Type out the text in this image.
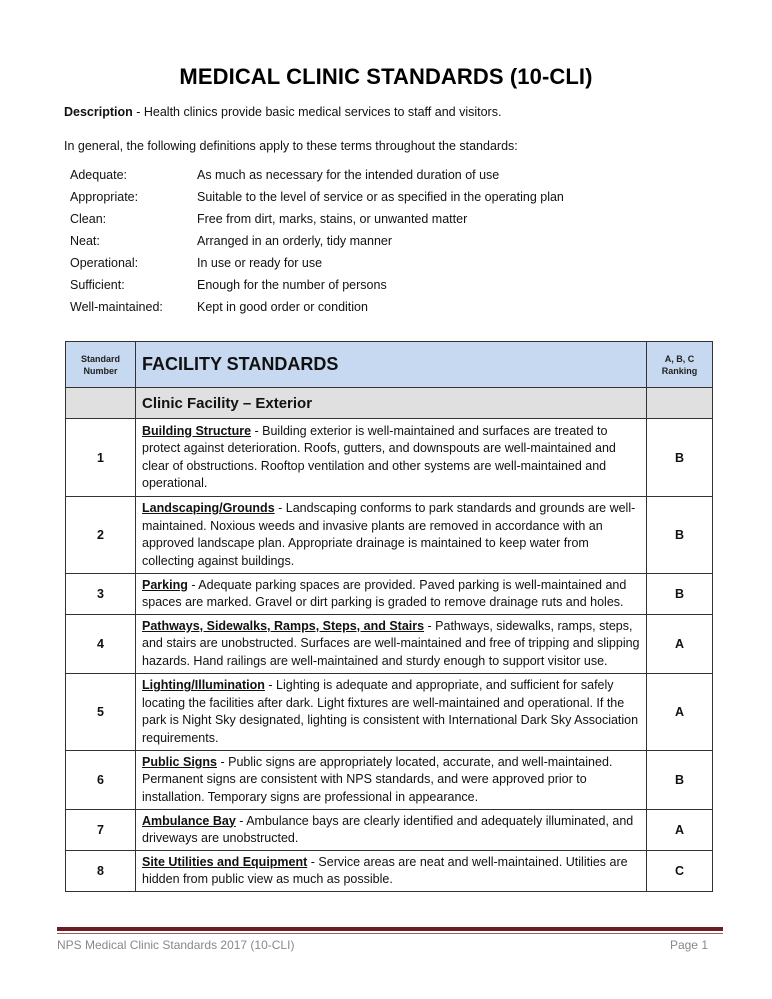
MEDICAL CLINIC STANDARDS (10-CLI)
Description - Health clinics provide basic medical services to staff and visitors.
In general, the following definitions apply to these terms throughout the standards:
Adequate:	As much as necessary for the intended duration of use
Appropriate:	Suitable to the level of service or as specified in the operating plan
Clean:	Free from dirt, marks, stains, or unwanted matter
Neat:	Arranged in an orderly, tidy manner
Operational:	In use or ready for use
Sufficient:	Enough for the number of persons
Well-maintained:	Kept in good order or condition
Standard Number	FACILITY STANDARDS	A, B, C Ranking
	Clinic Facility – Exterior	
1	Building Structure - Building exterior is well-maintained and surfaces are treated to protect against deterioration. Roofs, gutters, and downspouts are well-maintained and clear of obstructions. Rooftop ventilation and other systems are well-maintained and operational.	B
2	Landscaping/Grounds - Landscaping conforms to park standards and grounds are well-maintained. Noxious weeds and invasive plants are removed in accordance with an approved landscape plan. Appropriate drainage is maintained to keep water from collecting against buildings.	B
3	Parking - Adequate parking spaces are provided. Paved parking is well-maintained and spaces are marked. Gravel or dirt parking is graded to remove drainage ruts and holes.	B
4	Pathways, Sidewalks, Ramps, Steps, and Stairs - Pathways, sidewalks, ramps, steps, and stairs are unobstructed. Surfaces are well-maintained and free of tripping and slipping hazards. Hand railings are well-maintained and sturdy enough to support visitor use.	A
5	Lighting/Illumination - Lighting is adequate and appropriate, and sufficient for safely locating the facilities after dark. Light fixtures are well-maintained and operational. If the park is Night Sky designated, lighting is consistent with International Dark Sky Association requirements.	A
6	Public Signs - Public signs are appropriately located, accurate, and well-maintained. Permanent signs are consistent with NPS standards, and were approved prior to installation. Temporary signs are professional in appearance.	B
7	Ambulance Bay - Ambulance bays are clearly identified and adequately illuminated, and driveways are unobstructed.	A
8	Site Utilities and Equipment - Service areas are neat and well-maintained. Utilities are hidden from public view as much as possible.	C
NPS Medical Clinic Standards 2017 (10-CLI)	Page 1
